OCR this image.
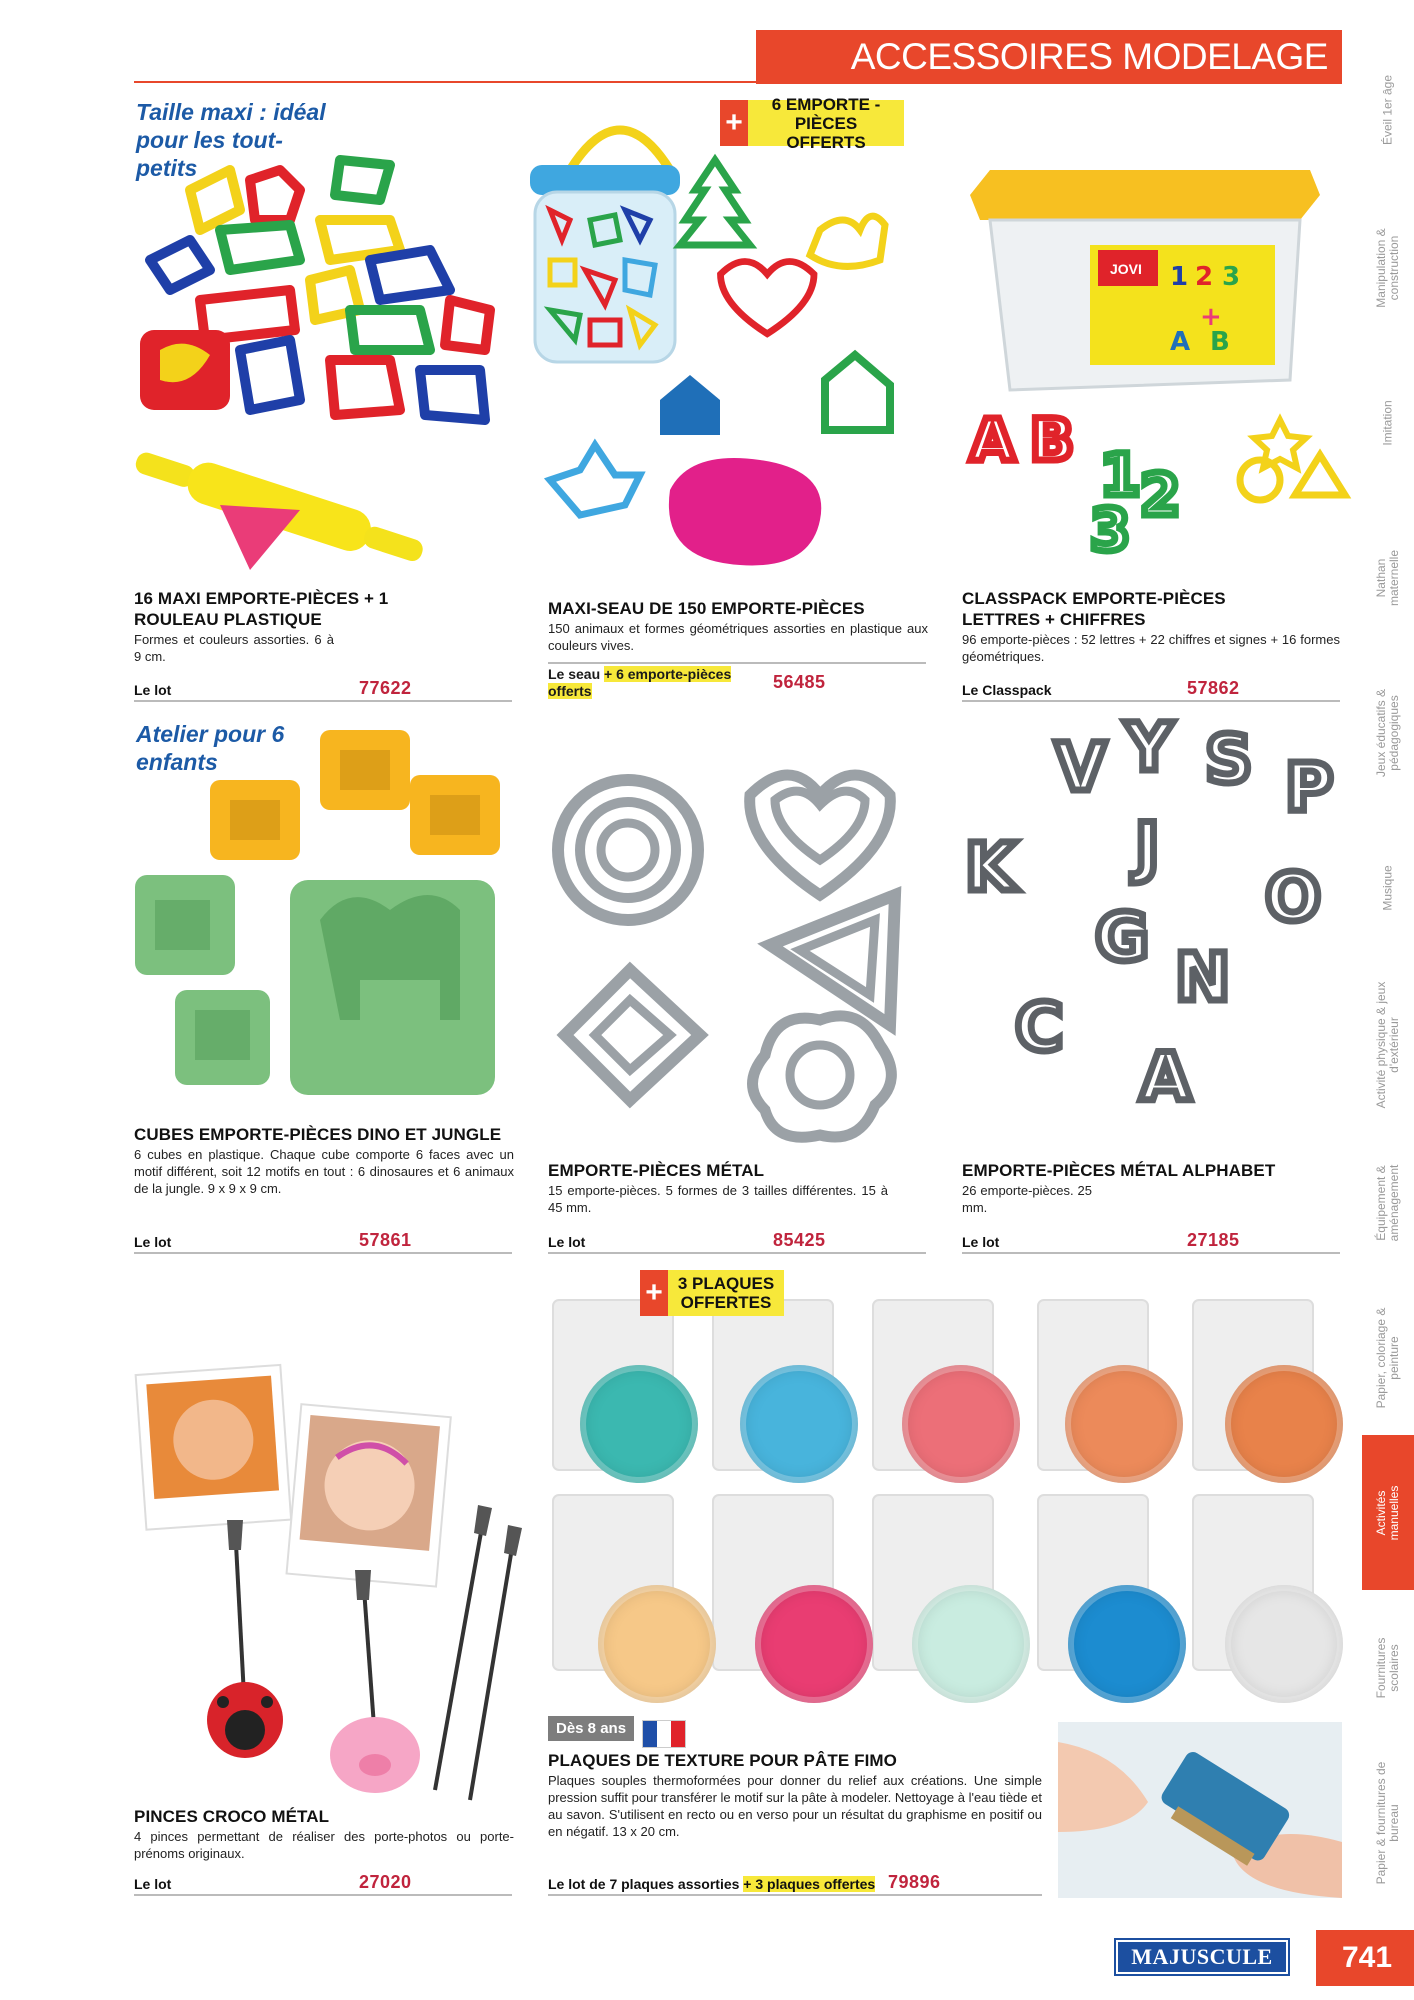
ACCESSOIRES MODELAGE
Éveil 1er âge
Manipulation & construction
Imitation
Nathan maternelle
Jeux éducatifs & pédagogiques
Musique
Activité physique & jeux d'extérieur
Équipement & aménagement
Papier, coloriage & peinture
Activités manuelles
Fournitures scolaires
Papier & fournitures de bureau
Taille maxi : idéal pour les tout-petits
Atelier pour 6 enfants
JOVI 1 2 3
+
A B
A B
1 2
3
V Y S P
K J
G
O
C
N
A
+
6 EMPORTE - PIÈCES OFFERTS
+ 3 PLAQUES OFFERTES
16 MAXI EMPORTE-PIÈCES + 1 ROULEAU PLASTIQUE

Formes et couleurs assorties. 6 à 9 cm.

Le lot	77622
MAXI-SEAU DE 150 EMPORTE-PIÈCES

150 animaux et formes géométriques assorties en plastique aux couleurs vives.

Le seau + 6 emporte-pièces offerts	56485
CLASSPACK EMPORTE-PIÈCES LETTRES + CHIFFRES

96 emporte-pièces : 52 lettres + 22 chiffres et signes + 16 formes géométriques.

Le Classpack	57862
CUBES EMPORTE-PIÈCES DINO ET JUNGLE

6 cubes en plastique. Chaque cube comporte 6 faces avec un motif différent, soit 12 motifs en tout : 6 dinosaures et 6 animaux de la jungle. 9 x 9 x 9 cm.

Le lot	57861
EMPORTE-PIÈCES MÉTAL

15 emporte-pièces. 5 formes de 3 tailles différentes. 15 à 45 mm.

Le lot	85425
EMPORTE-PIÈCES MÉTAL ALPHABET

26 emporte-pièces. 25 mm.

Le lot	27185
PINCES CROCO MÉTAL

4 pinces permettant de réaliser des porte-photos ou porte-prénoms originaux.

Le lot	27020
Dès 8 ans
PLAQUES DE TEXTURE POUR PÂTE FIMO

Plaques souples thermoformées pour donner du relief aux créations. Une simple pression suffit pour transférer le motif sur la pâte à modeler. Nettoyage à l'eau tiède et au savon. S'utilisent en recto ou en verso pour un résultat du graphisme en positif ou en négatif. 13 x 20 cm.

Le lot de 7 plaques assorties + 3 plaques offertes 79896
MAJUSCULE	741
